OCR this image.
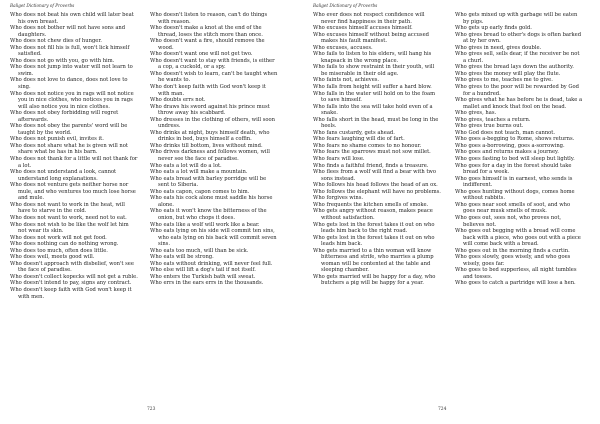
Baliget Dictionary of Proverbs

Who does not beat his own child will later beat his own breast.

Who does not bother will not have sons and daughters.

Who does not chew dies of hunger.

Who does not fill his is full, won't lick himself satisfied.

Who does not go with you, go with him.

Who does not jump into water will not learn to swim.

Who does not love to dance, does not love to sing.

Who does not notice you in rags will not notice you in nice clothes, who notices you in rags will also notice you in nice clothes.

Who does not obey forbidding will regret afterwards.

Who does not obey the parents' word will be taught by the world.

Who does not punish evil, invites it.

Who does not share what he is given will not share what he has in his barn.

Who does not thank for a little will not thank for a lot.

Who does not understand a look, cannot understand long explanations.

Who does not venture gets neither horse nor mule, and who ventures too much lose horse and mule.

Who does not want to work in the heat, will have to starve in the cold.

Who does not want to work, need not to eat.

Who does not wish to be like the wolf let him not wear its skin.

Who does not work will not get food.

Who does nothing can do nothing wrong.

Who does too much, often does little.

Who does well, meets good will.

Who doesn't approach with disbelief, won't see the face of paradise.

Who doesn't collect kopecks will not get a ruble.

Who doesn't intend to pay, signs any contract.

Who doesn't keep faith with God won't keep it with men.

Who doesn't listen to reason, can't do things with reason.

Who doesn't make a knot at the end of the thread, loses the stitch more than once.

Who doesn't want a fire, should remove the wood.

Who doesn't want one will not get two.

Who doesn't want to stay with friends, is either a cop, a cuckold, or a spy.

Who doesn't wish to learn, can't be taught when he wants to.

Who don't keep faith with God won't keep it with man.

Who doubts errs not.

Who draws his sword against his prince must throw away his scabbard.

Who dresses in the clothing of others, will soon undress.

Who drinks at night, buys himself death, who drinks in bed, buys himself a coffin.

Who drinks till bottom, lives without mind.

Who drives darkness and follows women, will never see the face of paradise.

Who eats a lot will do a lot.

Who eats a lot will make a mountain.

Who eats bread with barley porridge will be sent to Siberia.

Who eats capon, capon comes to him.

Who eats his cock alone must saddle his horse alone.

Who eats it won't know the bitterness of the onion, but who chops it does.

Who eats like a wolf will work like a bear.

Who eats lying on his side will commit ten sins, who eats lying on his back will commit seven sins.

Who eats too much, will than be sick.

Who eats will be strong.

Who eats without drinking, will never feel full.

Who else will lift a dog's tail if not itself.

Who enters the Turkish bath will sweat.

Who errs in the ears errs in the thousands.

723
Baliget Dictionary of Proverbs

Who ever does not respect confidence will never find happiness in their path.

Who excuses himself accuses himself.

Who excuses himself without being accused makes his fault manifest.

Who excuses, accuses.

Who fails to listen to his elders, will hang his knapsack in the wrong place.

Who fails to show restraint in their youth, will be miserable in their old age.

Who faints not, achieves.

Who falls from height will suffer a hard blow.

Who falls in the water will hold on to the foam to save himself.

Who falls into the sea will take hold even of a snake.

Who falls short in the head, must be long in the heels.

Who fans custardy, gets ahead.

Who fears laughing will die of fart.

Who fears no shame comes to no honour.

Who fears the sparrows must not sow millet.

Who fears will lose.

Who finds a faithful friend, finds a treasure.

Who flees from a wolf will find a bear with two sons instead.

Who follows his head follows the head of an ox.

Who follows the elephant will have no problems.

Who forgives wins.

Who frequents the kitchen smells of smoke.

Who gets angry without reason, makes peace without satisfaction.

Who gets lost in the forest takes it out on who leads him back to the right road.

Who gets lost in the forest takes it out on who leads him back.

Who gets married to a thin woman will know bitterness and strife, who marries a plump woman will be contented at the table and sleeping chamber.

Who gets married will be happy for a day, who butchers a pig will be happy for a year.

Who gets mixed up with garbage will be eaten by pigs.

Who gets up early finds gold.

Who gives bread to other's dogs is often barked at by her own.

Who gives in need, gives double.

Who gives sell, sells dear, if the receiver be not a churl.

Who gives the bread lays down the authority.

Who gives the money will play the flute.

Who gives to me, teaches me to give.

Who gives to the poor will be rewarded by God for a hundred.

Who gives what he has before he is dead, take a mallet and knock that fool on the head.

Who gives, has.

Who gives, teaches a return.

Who gives true burns out.

Who God does not teach, man cannot.

Who goes a-begging to Rome, shows returns.

Who goes a-borrowing, goes a-sorrowing.

Who goes and returns makes a journey.

Who goes fasting to bed will sleep but lightly.

Who goes for a day in the forest should take bread for a week.

Who goes himself is in earnest, who sends is indifferent.

Who goes hunting without dogs, comes home without rabbits.

Who goes near soot smells of soot, and who goes near musk smells of musk.

Who goes out, sees not, who proves not, believes not.

Who goes out begging with a bread will come back with a piece, who goes out with a piece will come back with a bread.

Who goes out in the morning finds a curtin.

Who goes slowly, goes wisely, and who goes wisely, goes far.

Who goes to bed supperless, all night tumbles and tosses.

Who goes to catch a partridge will lose a hen.

724
